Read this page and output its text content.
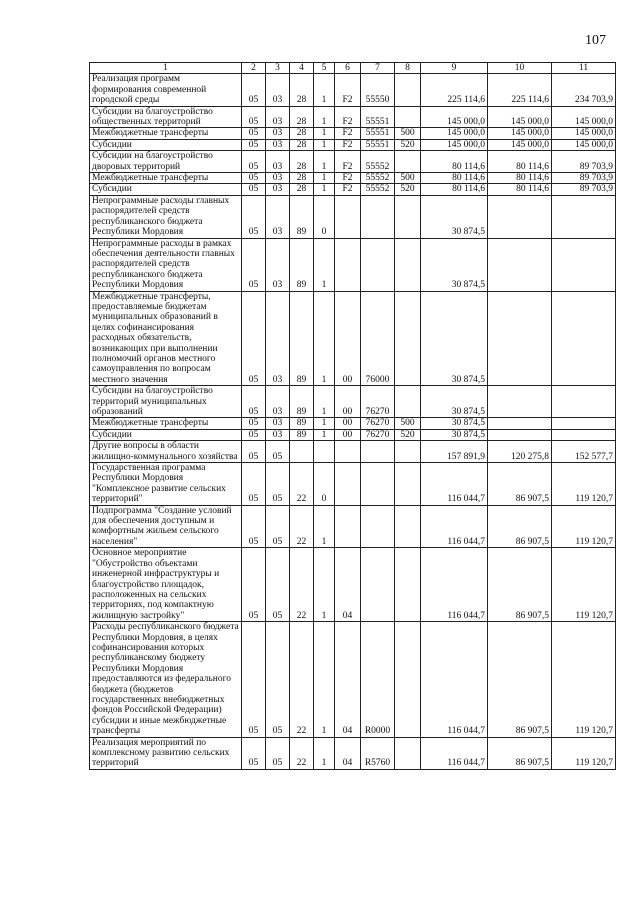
107
1	2	3	4	5	6	7	8	9	10	11
Реализация программ формирования современной городской среды	05	03	28	1	F2	55550		225 114,6	225 114,6	234 703,9
Субсидии на благоустройство общественных территорий	05	03	28	1	F2	55551		145 000,0	145 000,0	145 000,0
Межбюджетные трансферты	05	03	28	1	F2	55551	500	145 000,0	145 000,0	145 000,0
Субсидии	05	03	28	1	F2	55551	520	145 000,0	145 000,0	145 000,0
Субсидии на благоустройство дворовых территорий	05	03	28	1	F2	55552		80 114,6	80 114,6	89 703,9
Межбюджетные трансферты	05	03	28	1	F2	55552	500	80 114,6	80 114,6	89 703,9
Субсидии	05	03	28	1	F2	55552	520	80 114,6	80 114,6	89 703,9
Непрограммные расходы главных распорядителей средств республиканского бюджета Республики Мордовия	05	03	89	0				30 874,5		
Непрограммные расходы в рамках обеспечения деятельности главных распорядителей средств республиканского бюджета Республики Мордовия	05	03	89	1				30 874,5		
Межбюджетные трансферты, предоставляемые бюджетам муниципальных образований в целях софинансирования расходных обязательств, возникающих при выполнении полномочий органов местного самоуправления по вопросам местного значения	05	03	89	1	00	76000		30 874,5		
Субсидии на благоустройство территорий муниципальных образований	05	03	89	1	00	76270		30 874,5		
Межбюджетные трансферты	05	03	89	1	00	76270	500	30 874,5		
Субсидии	05	03	89	1	00	76270	520	30 874,5		
Другие вопросы в области жилищно-коммунального хозяйства	05	05						157 891,9	120 275,8	152 577,7
Государственная программа Республики Мордовия "Комплексное развитие сельских территорий"	05	05	22	0				116 044,7	86 907,5	119 120,7
Подпрограмма "Создание условий для обеспечения доступным и комфортным жильем сельского населения"	05	05	22	1				116 044,7	86 907,5	119 120,7
Основное мероприятие "Обустройство объектами инженерной инфраструктуры и благоустройство площадок, расположенных на сельских территориях, под компактную жилищную застройку"	05	05	22	1	04			116 044,7	86 907,5	119 120,7
Расходы республиканского бюджета Республики Мордовия, в целях софинансирования которых республиканскому бюджету Республики Мордовия предоставляются из федерального бюджета (бюджетов государственных внебюджетных фондов Российской Федерации) субсидии и иные межбюджетные трансферты	05	05	22	1	04	R0000		116 044,7	86 907,5	119 120,7
Реализация мероприятий по комплексному развитию сельских территорий	05	05	22	1	04	R5760		116 044,7	86 907,5	119 120,7
